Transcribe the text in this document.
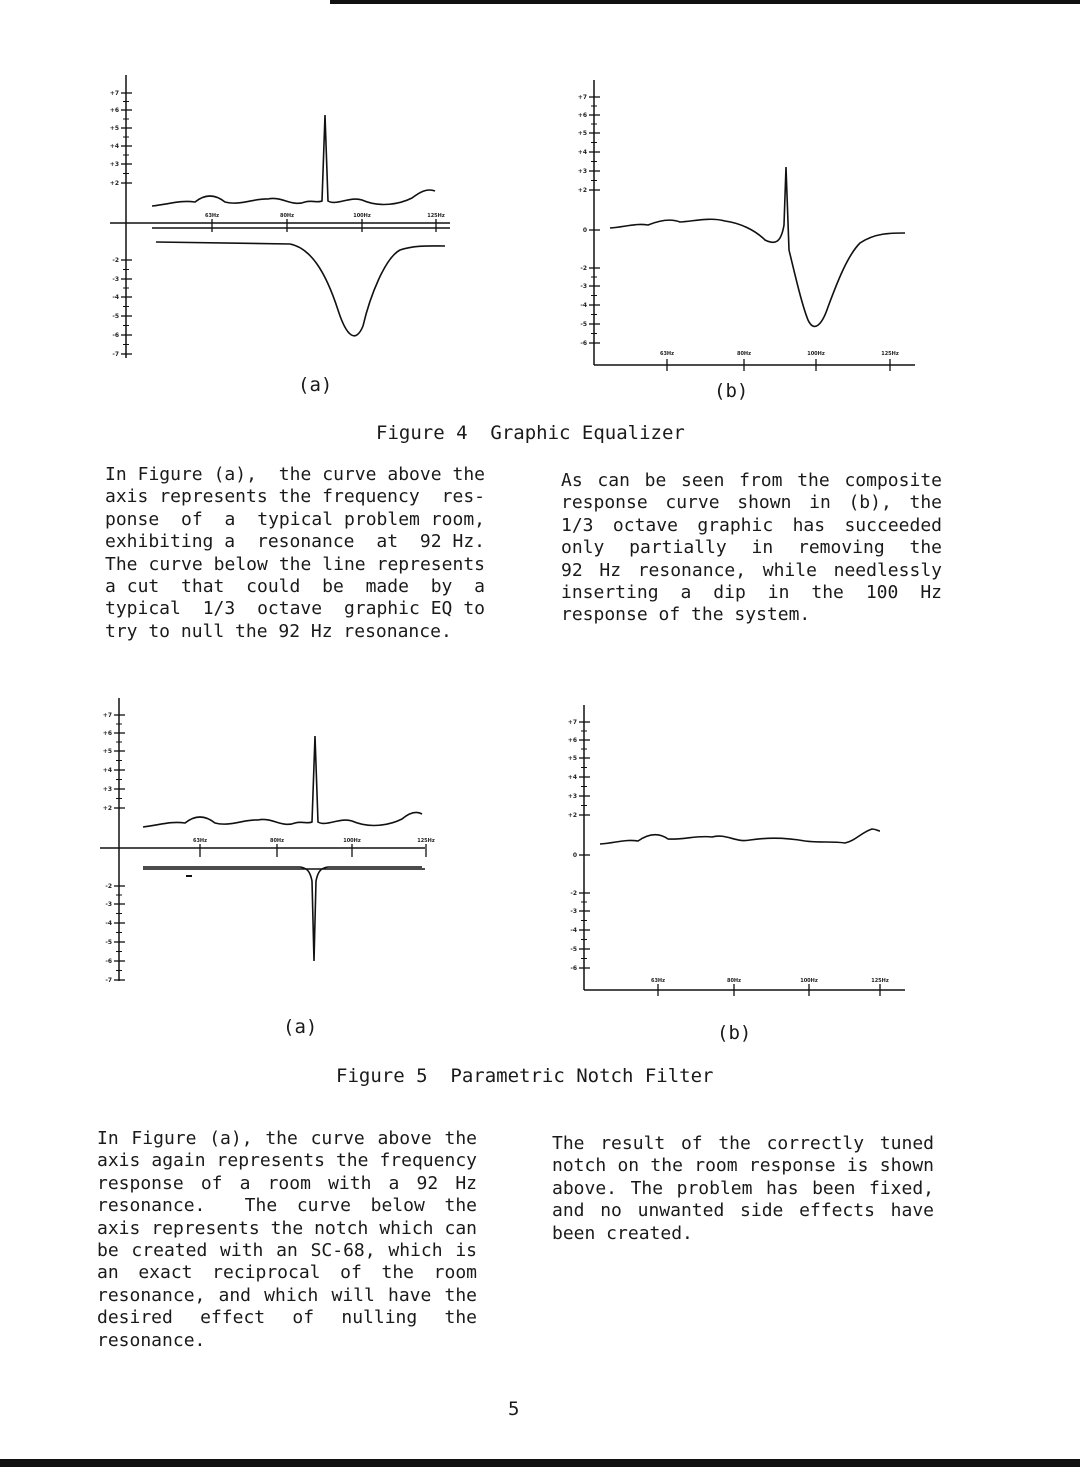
+7
+6
+5
+4
+3
+2
-2
-3
-4
-5
-6
-7
63Hz	80Hz	100Hz	125Hz
(a)
+7
+6
+5
+4
+3
+2
0
-2
-3
-4
-5
-6
63Hz	80Hz	100Hz	125Hz
(b)
Figure 4  Graphic Equalizer
In Figure (a),  the curve above the
axis represents the frequency  res-
ponse  of  a  typical problem room,
exhibiting a  resonance  at  92 Hz.
The curve below the line represents
a cut  that  could  be  made  by  a
typical  1/3  octave  graphic EQ to
try to null the 92 Hz resonance.
As can be seen from the composite
response curve shown in (b), the
1/3 octave graphic has succeeded
only partially in removing the
92 Hz resonance, while needlessly
inserting a dip in the 100 Hz
response of the system.
+7
+6
+5
+4
+3
+2
-2
-3
-4
-5
-6
-7
63Hz	80Hz	100Hz	125Hz
(a)
+7
+6
+5
+4
+3
+2
0
-2
-3
-4
-5
-6
63Hz	80Hz	100Hz	125Hz
(b)
Figure 5  Parametric Notch Filter
In Figure (a), the curve above the
axis again represents the frequency
response of a room with a 92 Hz
resonance.  The curve below the
axis represents the notch which can
be created with an SC-68, which is
an exact reciprocal of the room
resonance, and which will have the
desired effect of nulling the
resonance.
The result of the correctly tuned
notch on the room response is shown
above. The problem has been fixed,
and no unwanted side effects have
been created.
5
